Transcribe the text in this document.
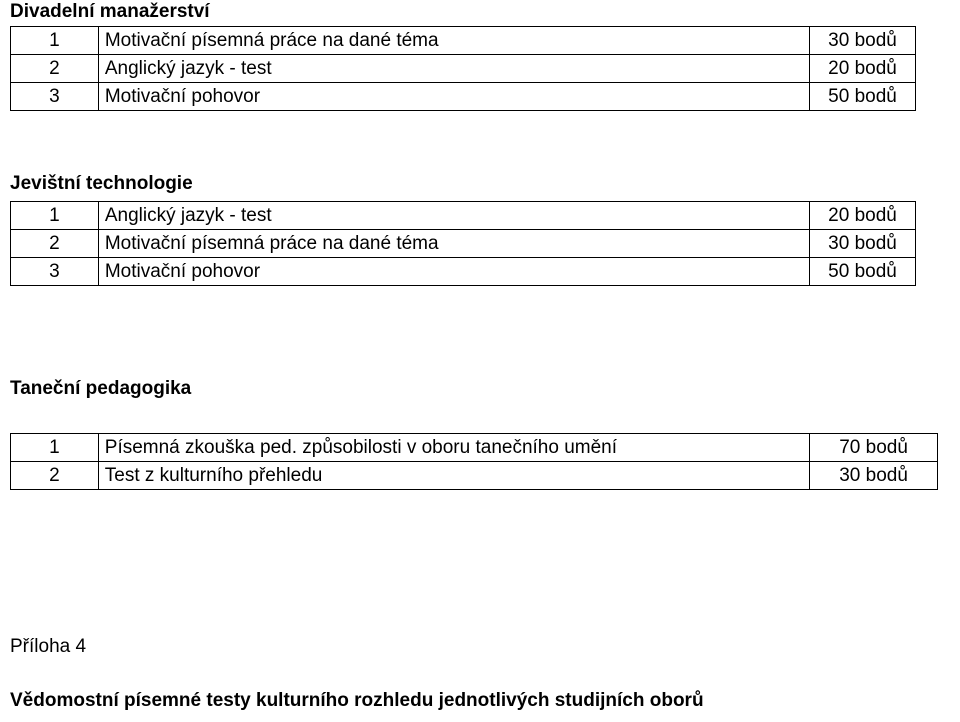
Divadelní manažerství
1	Motivační písemná práce na dané téma	30 bodů
2	Anglický jazyk - test	20 bodů
3	Motivační pohovor	50 bodů
Jevištní technologie
1	Anglický jazyk - test	20 bodů
2	Motivační písemná práce na dané téma	30 bodů
3	Motivační pohovor	50 bodů
Taneční pedagogika
1	Písemná zkouška ped. způsobilosti v oboru tanečního umění	70 bodů
2	Test z kulturního přehledu	30 bodů
Příloha 4
Vědomostní písemné testy kulturního rozhledu jednotlivých studijních oborů
